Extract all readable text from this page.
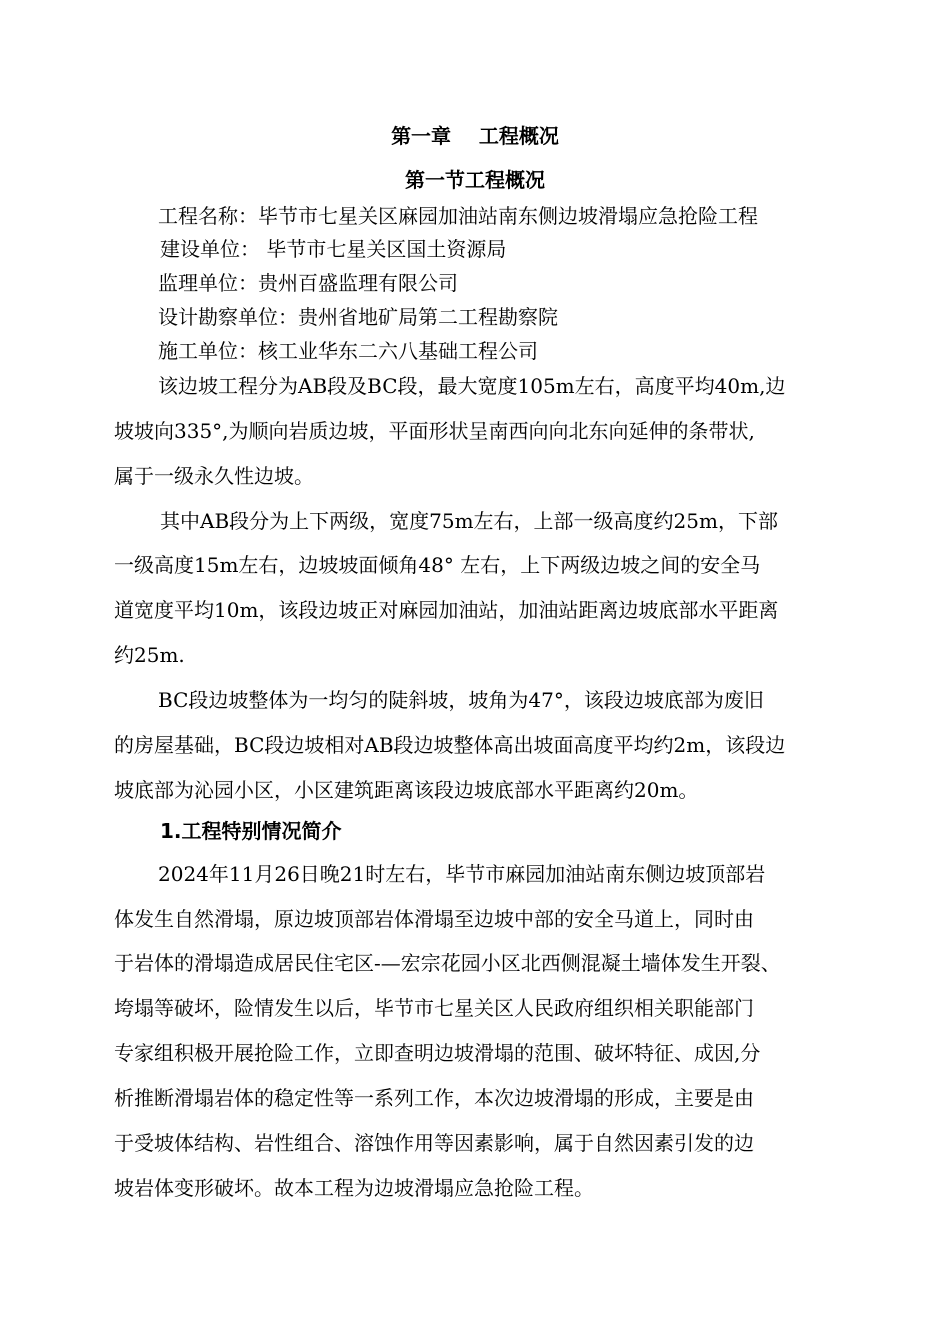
第一章    工程概况
第一节工程概况
工程名称：毕节市七星关区麻园加油站南东侧边坡滑塌应急抢险工程
建设单位： 毕节市七星关区国土资源局
监理单位：贵州百盛监理有限公司
设计勘察单位：贵州省地矿局第二工程勘察院
施工单位：核工业华东二六八基础工程公司
该边坡工程分为AB段及BC段，最大宽度105m左右，高度平均40m,边
坡坡向335°,为顺向岩质边坡，平面形状呈南西向向北东向延伸的条带状,
属于一级永久性边坡。
其中AB段分为上下两级，宽度75m左右，上部一级高度约25m，下部
一级高度15m左右，边坡坡面倾角48° 左右，上下两级边坡之间的安全马
道宽度平均10m，该段边坡正对麻园加油站，加油站距离边坡底部水平距离
约25m.
BC段边坡整体为一均匀的陡斜坡，坡角为47°，该段边坡底部为废旧
的房屋基础，BC段边坡相对AB段边坡整体高出坡面高度平均约2m，该段边
坡底部为沁园小区，小区建筑距离该段边坡底部水平距离约20m。
1.工程特别情况简介
2024年11月26日晚21时左右，毕节市麻园加油站南东侧边坡顶部岩
体发生自然滑塌，原边坡顶部岩体滑塌至边坡中部的安全马道上，同时由
于岩体的滑塌造成居民住宅区-—宏宗花园小区北西侧混凝土墙体发生开裂、
垮塌等破坏，险情发生以后，毕节市七星关区人民政府组织相关职能部门
专家组积极开展抢险工作，立即查明边坡滑塌的范围、破坏特征、成因,分
析推断滑塌岩体的稳定性等一系列工作，本次边坡滑塌的形成，主要是由
于受坡体结构、岩性组合、溶蚀作用等因素影响，属于自然因素引发的边
坡岩体变形破坏。故本工程为边坡滑塌应急抢险工程。
